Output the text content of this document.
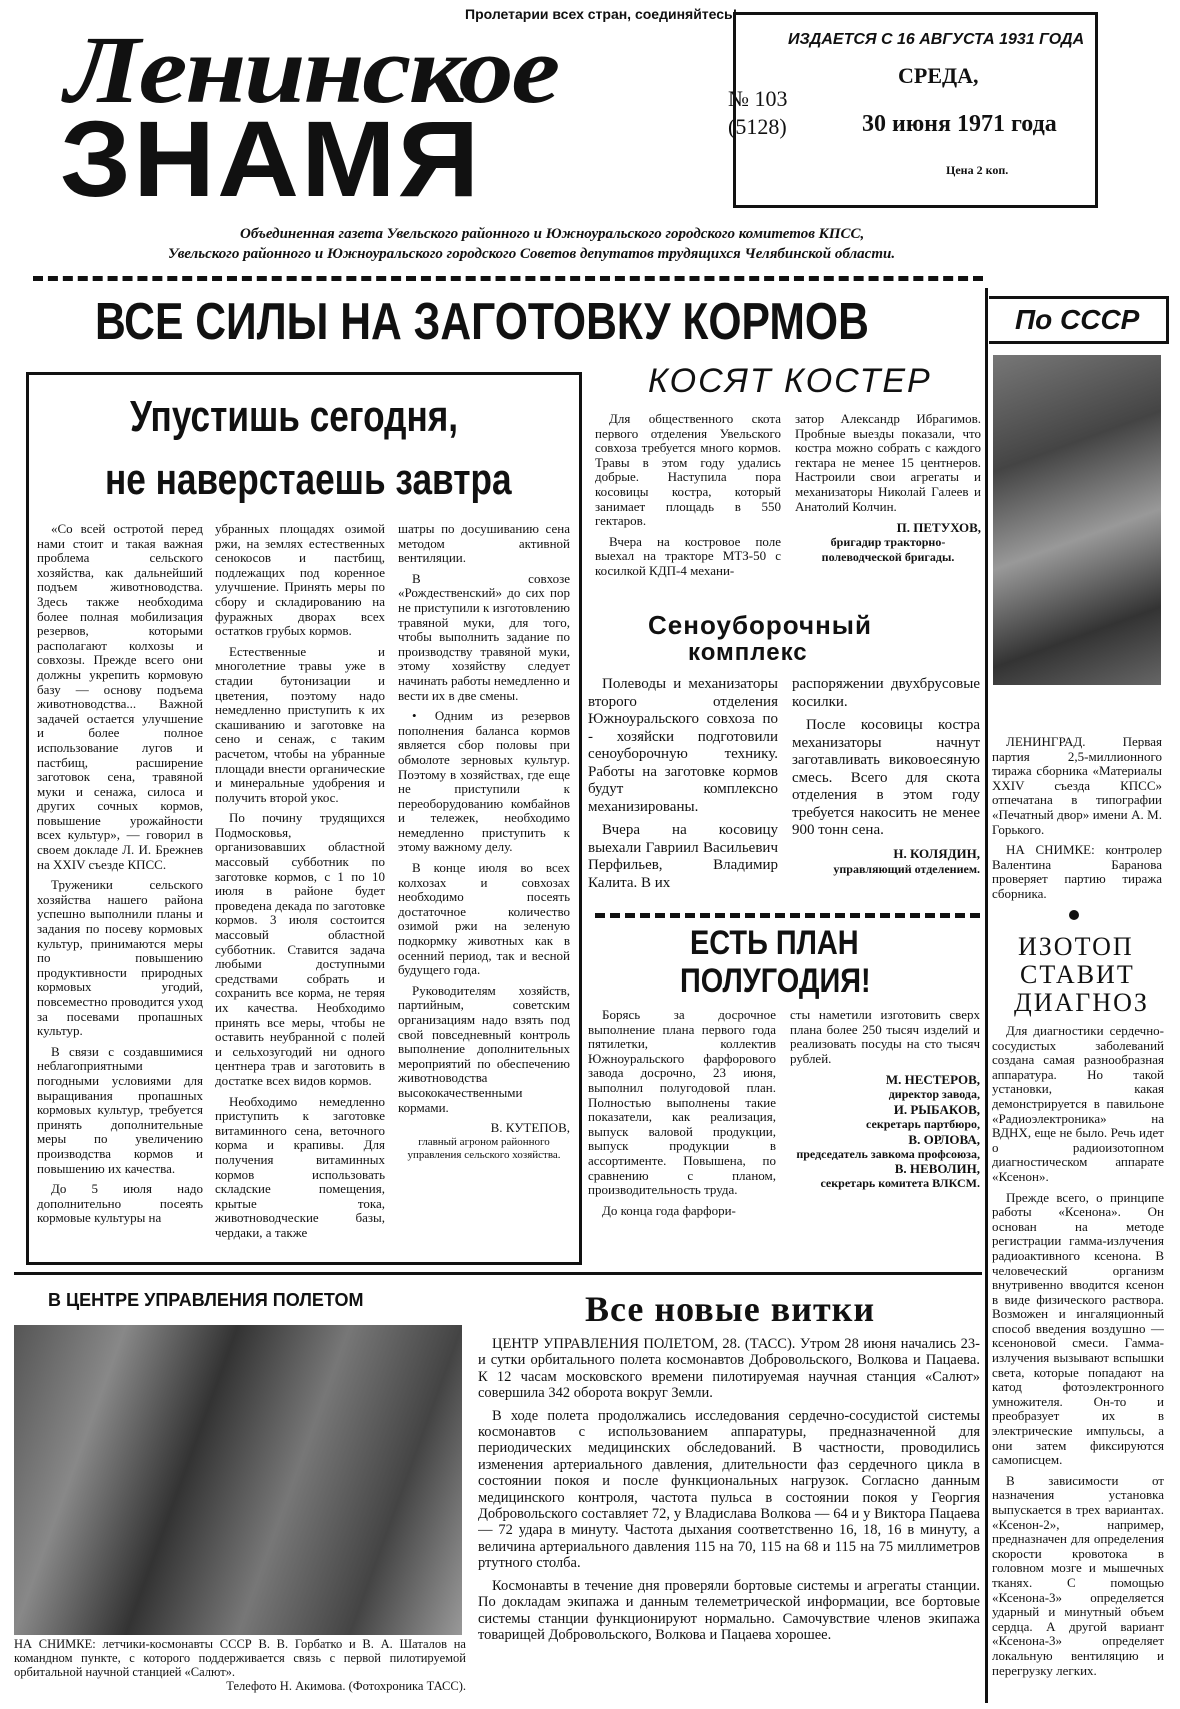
Пролетарии всех стран, соединяйтесь!
Ленинское
ЗНАМЯ	№ 103
(5128)
ИЗДАЕТСЯ С 16 АВГУСТА 1931 ГОДА
СРЕДА,
30 июня 1971 года
Цена 2 коп.
Объединенная газета Увельского районного и Южноуральского городского комитетов КПСС,
Увельского районного и Южноуральского городского Советов депутатов трудящихся Челябинской области.
ВСЕ СИЛЫ НА ЗАГОТОВКУ КОРМОВ
Упустишь сегодня,
не наверстаешь завтра

«Со всей остротой перед нами стоит и такая важная проблема сельского хозяйства, как дальнейший подъем животноводства. Здесь также необходима более полная мобилизация резервов, которыми располагают колхозы и совхозы. Прежде всего они должны укрепить кормовую базу — основу подъема животноводства... Важной задачей остается улучшение и более полное использование лугов и пастбищ, расширение заготовок сена, травяной муки и сенажа, силоса и других сочных кормов, повышение урожайности всех культур», — говорил в своем докладе Л. И. Брежнев на XXIV съезде КПСС.

Труженики сельского хозяйства нашего района успешно выполнили планы и задания по посеву кормовых культур, принимаются меры по повышению продуктивности природных кормовых угодий, повсеместно проводится уход за посевами пропашных культур.

В связи с создавшимися неблагоприятными погодными условиями для выращивания пропашных кормовых культур, требуется принять дополнительные меры по увеличению производства кормов и повышению их качества.

До 5 июля надо дополнительно посеять кормовые культуры на

убранных площадях озимой ржи, на землях естественных сенокосов и пастбищ, подлежащих под коренное улучшение. Принять меры по сбору и складированию на фуражных дворах всех остатков грубых кормов.

Естественные и многолетние травы уже в стадии бутонизации и цветения, поэтому надо немедленно приступить к их скашиванию и заготовке на сено и сенаж, с таким расчетом, чтобы на убранные площади внести органические и минеральные удобрения и получить второй укос.

По почину трудящихся Подмосковья, организовавших областной массовый субботник по заготовке кормов, с 1 по 10 июля в районе будет проведена декада по заготовке кормов. 3 июля состоится массовый областной субботник. Ставится задача любыми доступными средствами собрать и сохранить все корма, не теряя их качества. Необходимо принять все меры, чтобы не оставить неубранной с полей и сельхозугодий ни одного центнера трав и заготовить в достатке всех видов кормов.

Необходимо немедленно приступить к заготовке витаминного сена, веточного корма и крапивы. Для получения витаминных кормов использовать складские помещения, крытые тока, животноводческие базы, чердаки, а также

шатры по досушиванию сена методом активной вентиляции.

В совхозе «Рождественский» до сих пор не приступили к изготовлению травяной муки, для того, чтобы выполнить задание по производству травяной муки, этому хозяйству следует начинать работы немедленно и вести их в две смены.

• Одним из резервов пополнения баланса кормов является сбор половы при обмолоте зерновых культур. Поэтому в хозяйствах, где еще не приступили к переоборудованию комбайнов и тележек, необходимо немедленно приступить к этому важному делу.

В конце июля во всех колхозах и совхозах необходимо посеять достаточное количество озимой ржи на зеленую подкормку животных как в осенний период, так и весной будущего года.

Руководителям хозяйств, партийным, советским организациям надо взять под свой повседневный контроль выполнение дополнительных мероприятий по обеспечению животноводства высококачественными кормами.

В. КУТЕПОВ,
главный агроном районного управления сельского хозяйства.
КОСЯТ КОСТЕР

Для общественного скота первого отделения Увельского совхоза требуется много кормов. Травы в этом году удались добрые. Наступила пора косовицы костра, который занимает площадь в 550 гектаров.

Вчера на костровое поле выехал на тракторе МТЗ-50 с косилкой КДП-4 механи-

затор Александр Ибрагимов. Пробные выезды показали, что костра можно собрать с каждого гектара не менее 15 центнеров. Настроили свои агрегаты и механизаторы Николай Галеев и Анатолий Колчин.

П. ПЕТУХОВ,
бригадир тракторно-полеводческой бригады.
Сеноуборочный
комплекс

Полеводы и механизаторы второго отделения Южноуральского совхоза по - хозяйски подготовили сеноуборочную технику. Работы на заготовке кормов будут комплексно механизированы.

Вчера на косовицу выехали Гавриил Васильевич Перфильев, Владимир Калита. В их

распоряжении двухбрусовые косилки.

После косовицы костра механизаторы начнут заготавливать виковоесяную смесь. Всего для скота отделения в этом году требуется накосить не менее 900 тонн сена.

Н. КОЛЯДИН,
управляющий отделением.
ЕСТЬ ПЛАН
ПОЛУГОДИЯ!

Борясь за досрочное выполнение плана первого года пятилетки, коллектив Южноуральского фарфорового завода досрочно, 23 июня, выполнил полугодовой план. Полностью выполнены такие показатели, как реализация, выпуск валовой продукции, выпуск продукции в ассортименте. Повышена, по сравнению с планом, производительность труда.

До конца года фарфори-

сты наметили изготовить сверх плана более 250 тысяч изделий и реализовать посуды на сто тысяч рублей.

М. НЕСТЕРОВ,
директор завода,
И. РЫБАКОВ,
секретарь партбюро,
В. ОРЛОВА,
председатель завкома профсоюза,
В. НЕВОЛИН,
секретарь комитета ВЛКСМ.
По СССР

ЛЕНИНГРАД. Первая партия 2,5-миллионного тиража сборника «Материалы XXIV съезда КПСС» отпечатана в типографии «Печатный двор» имени А. М. Горького.

НА СНИМКЕ: контролер Валентина Баранова проверяет партию тиража сборника.

ИЗОТОП
СТАВИТ
ДИАГНОЗ

Для диагностики сердечно-сосудистых заболеваний создана самая разнообразная аппаратура. Но такой установки, какая демонстрируется в павильоне «Радиоэлектроника» на ВДНХ, еще не было. Речь идет о радиоизотопном диагностическом аппарате «Ксенон».

Прежде всего, о принципе работы «Ксенона». Он основан на методе регистрации гамма-излучения радиоактивного ксенона. В человеческий организм внутривенно вводится ксенон в виде физического раствора. Возможен и ингаляционный способ введения воздушно — ксеноновой смеси. Гамма-излучения вызывают вспышки света, которые попадают на катод фотоэлектронного умножителя. Он-то и преобразует их в электрические импульсы, а они затем фиксируются самописцем.

В зависимости от назначения установка выпускается в трех вариантах. «Ксенон-2», например, предназначен для определения скорости кровотока в головном мозге и мышечных тканях. С помощью «Ксенона-3» определяется ударный и минутный объем сердца. А другой вариант «Ксенона-3» определяет локальную вентиляцию и перегрузку легких.

В ЦЕНТРЕ УПРАВЛЕНИЯ ПОЛЕТОМ

НА СНИМКЕ: летчики-космонавты СССР В. В. Горбатко и В. А. Шаталов на командном пункте, с которого поддерживается связь с первой пилотируемой орбитальной научной станцией «Салют».

Телефото Н. Акимова. (Фотохроника ТАСС).
Все новые витки

ЦЕНТР УПРАВЛЕНИЯ ПОЛЕТОМ, 28. (ТАСС). Утром 28 июня начались 23-и сутки орбитального полета космонавтов Добровольского, Волкова и Пацаева. К 12 часам московского времени пилотируемая научная станция «Салют» совершила 342 оборота вокруг Земли.

В ходе полета продолжались исследования сердечно-сосудистой системы космонавтов с использованием аппаратуры, предназначенной для периодических медицинских обследований. В частности, проводились изменения артериального давления, длительности фаз сердечного цикла в состоянии покоя и после функциональных нагрузок. Согласно данным медицинского контроля, частота пульса в состоянии покоя у Георгия Добровольского составляет 72, у Владислава Волкова — 64 и у Виктора Пацаева — 72 удара в минуту. Частота дыхания соответственно 16, 18, 16 в минуту, а величина артериального давления 115 на 70, 115 на 68 и 115 на 75 миллиметров ртутного столба.

Космонавты в течение дня проверяли бортовые системы и агрегаты станции. По докладам экипажа и данным телеметрической информации, все бортовые системы станции функционируют нормально. Самочувствие членов экипажа товарищей Добровольского, Волкова и Пацаева хорошее.
